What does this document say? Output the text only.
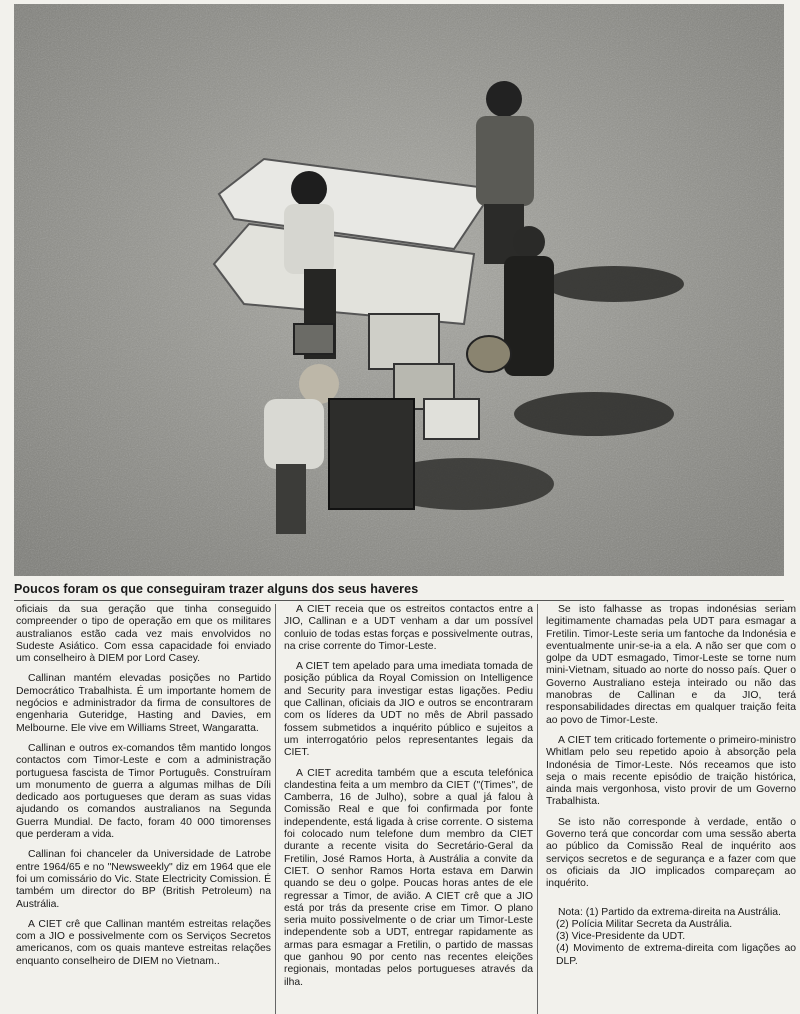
Poucos foram os que conseguiram trazer alguns dos seus haveres

oficiais da sua geração que tinha conseguido compreender o tipo de operação em que os militares australianos estão cada vez mais envolvidos no Sudeste Asiático. Com essa capacidade foi enviado um conselheiro à DIEM por Lord Casey.

Callinan mantém elevadas posições no Partido Democrático Trabalhista. É um importante homem de negócios e administrador da firma de consultores de engenharia Guteridge, Hasting and Davies, em Melbourne. Ele vive em Williams Street, Wangaratta.

Callinan e outros ex-comandos têm mantido longos contactos com Timor-Leste e com a administração portuguesa fascista de Timor Português. Construíram um monumento de guerra a algumas milhas de Díli dedicado aos portugueses que deram as suas vidas ajudando os comandos australianos na Segunda Guerra Mundial. De facto, foram 40 000 timorenses que perderam a vida.

Callinan foi chanceler da Universidade de Latrobe entre 1964/65 e no "Newsweekly" diz em 1964 que ele foi um comissário do Vic. State Electricity Comission. É também um director do BP (British Petroleum) na Austrália.

A CIET crê que Callinan mantém estreitas relações com a JIO e possivelmente com os Serviços Secretos americanos, com os quais manteve estreitas relações enquanto conselheiro de DIEM no Vietnam..

A CIET receia que os estreitos contactos entre a JIO, Callinan e a UDT venham a dar um possível conluio de todas estas forças e possivelmente outras, na crise corrente do Timor-Leste.

A CIET tem apelado para uma imediata tomada de posição pública da Royal Comission on Intelligence and Security para investigar estas ligações. Pediu que Callinan, oficiais da JIO e outros se encontraram com os líderes da UDT no mês de Abril passado fossem submetidos a inquérito público e sujeitos a um interrogatório pelos representantes legais da CIET.

A CIET acredita também que a escuta telefónica clandestina feita a um membro da CIET ("(Times", de Camberra, 16 de Julho), sobre a qual já falou à Comissão Real e que foi confirmada por fonte independente, está ligada à crise corrente. O sistema foi colocado num telefone dum membro da CIET durante a recente visita do Secretário-Geral da Fretilin, José Ramos Horta, à Austrália a convite da CIET. O senhor Ramos Horta estava em Darwin quando se deu o golpe. Poucas horas antes de ele regressar a Timor, de avião. A CIET crê que a JIO está por trás da presente crise em Timor. O plano seria muito possivelmente o de criar um Timor-Leste independente sob a UDT, entregar rapidamente as armas para esmagar a Fretilin, o partido de massas que ganhou 90 por cento nas recentes eleições regionais, montadas pelos portugueses através da ilha.

Se isto falhasse as tropas indonésias seriam legitimamente chamadas pela UDT para esmagar a Fretilin. Timor-Leste seria um fantoche da Indonésia e eventualmente unir-se-ia a ela. A não ser que com o golpe da UDT esmagado, Timor-Leste se torne num mini-Vietnam, situado ao norte do nosso país. Quer o Governo Australiano esteja inteirado ou não das manobras de Callinan e da JIO, terá responsabilidades directas em qualquer traição feita ao povo de Timor-Leste.

A CIET tem criticado fortemente o primeiro-ministro Whitlam pelo seu repetido apoio à absorção pela Indonésia de Timor-Leste. Nós receamos que isto seja o mais recente episódio de traição histórica, ainda mais vergonhosa, visto provir de um Governo Trabalhista.

Se isto não corresponde à verdade, então o Governo terá que concordar com uma sessão aberta ao público da Comissão Real de inquérito aos serviços secretos e de segurança e a fazer com que os oficiais da JIO implicados compareçam ao inquérito.

Nota: (1) Partido da extrema-direita na Austrália.
(2) Polícia Militar Secreta da Austrália.
(3) Vice-Presidente da UDT.
(4) Movimento de extrema-direita com ligações ao DLP.
